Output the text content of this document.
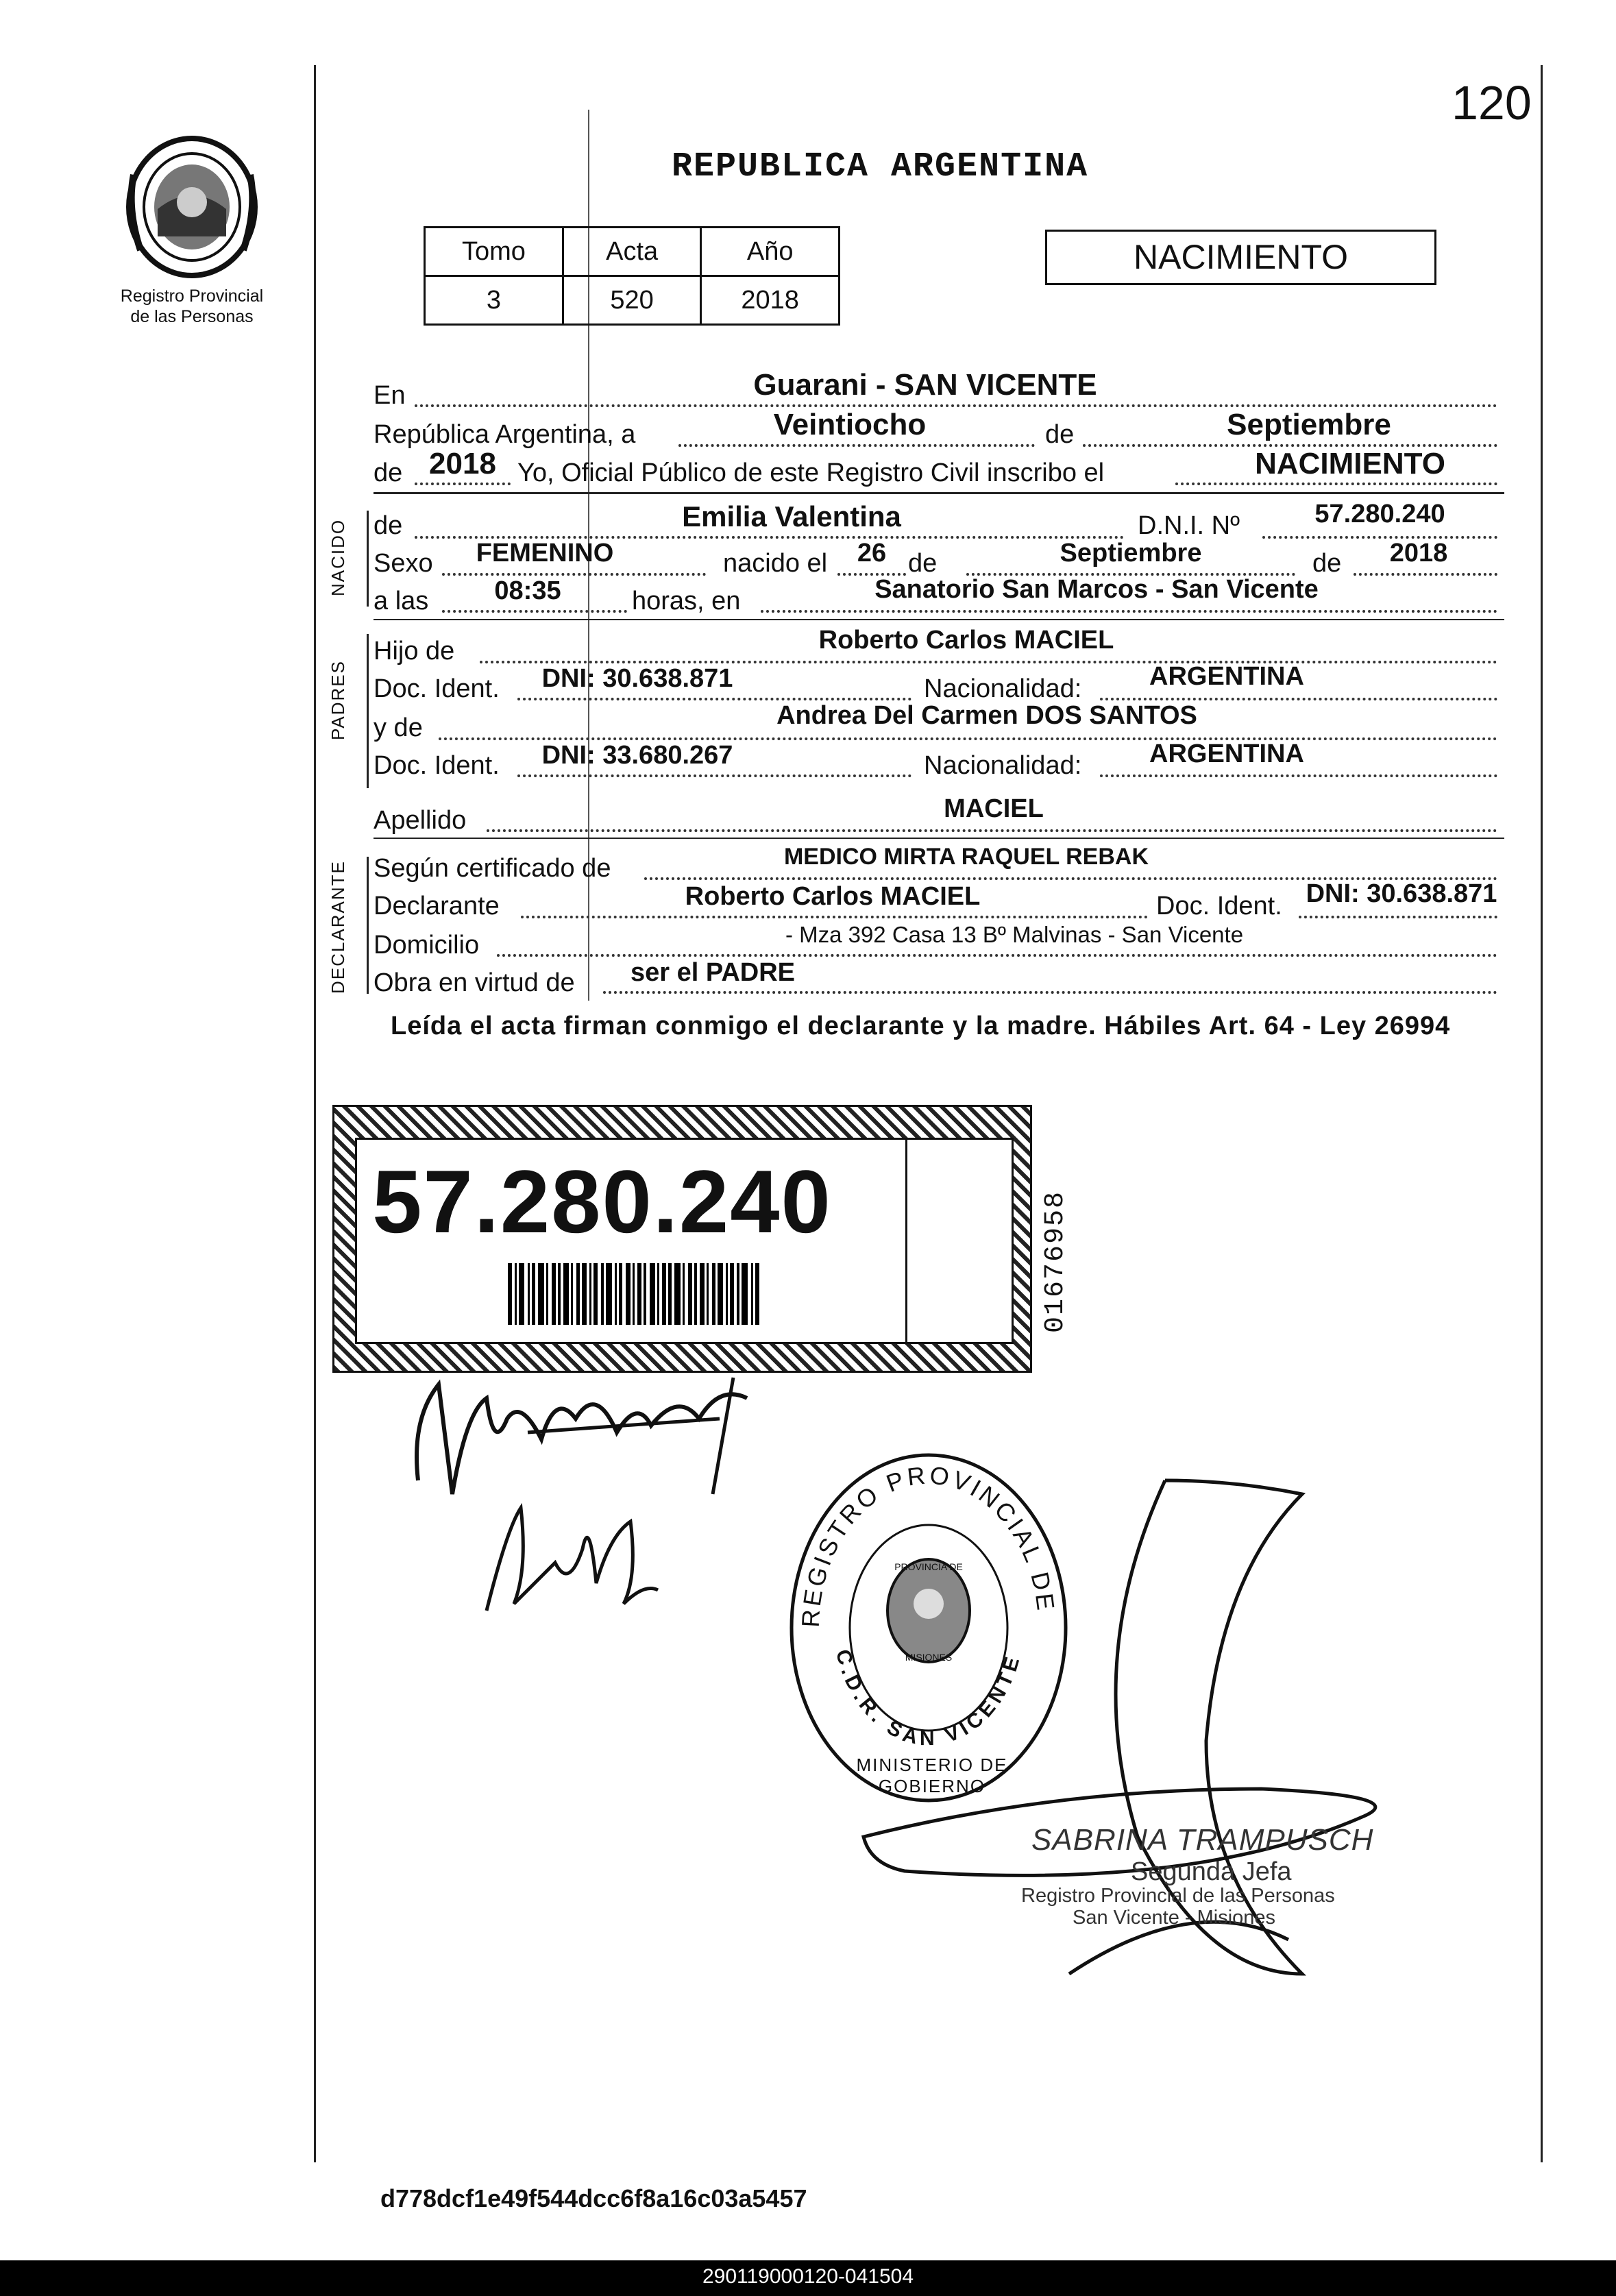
120
Registro Provincial
de las Personas
REPUBLICA ARGENTINA
Tomo	Acta	Año
3	520	2018
NACIMIENTO
En	Guarani - SAN VICENTE
República Argentina, a	Veintiocho	de	Septiembre
de 2018 Yo, Oficial Público de este Registro Civil inscribo el	NACIMIENTO
NACIDO de	Emilia Valentina	D.N.I. Nº	57.280.240
Sexo	FEMENINO	nacido el	26 de	Septiembre	de	2018
a las	08:35	horas, en	Sanatorio San Marcos - San Vicente
PADRES
Hijo de	Roberto Carlos MACIEL
Doc. Ident.	DNI: 30.638.871	Nacionalidad:	ARGENTINA
y de	Andrea Del Carmen DOS SANTOS
Doc. Ident.	DNI: 33.680.267	Nacionalidad:	ARGENTINA
Apellido	MACIEL
DECLARANTE Según certificado de	MEDICO MIRTA RAQUEL REBAK
Declarante	Roberto Carlos MACIEL	Doc. Ident. DNI: 30.638.871
Domicilio	- Mza 392 Casa 13 Bº Malvinas - San Vicente
Obra en virtud de	ser el PADRE
Leída el acta firman conmigo el declarante y la madre. Hábiles Art. 64 - Ley 26994
57.280.240	01676958
REGISTRO PROVINCIAL DE
C.D.R. SAN VICENTE
MINISTERIO DE GOBIERNO
PROVINCIA DE
MISIONES
SABRINA TRAMPUSCH
Segunda Jefa
Registro Provincial de las Personas
San Vicente - Misiones
d778dcf1e49f544dcc6f8a16c03a5457
290119000120-041504
